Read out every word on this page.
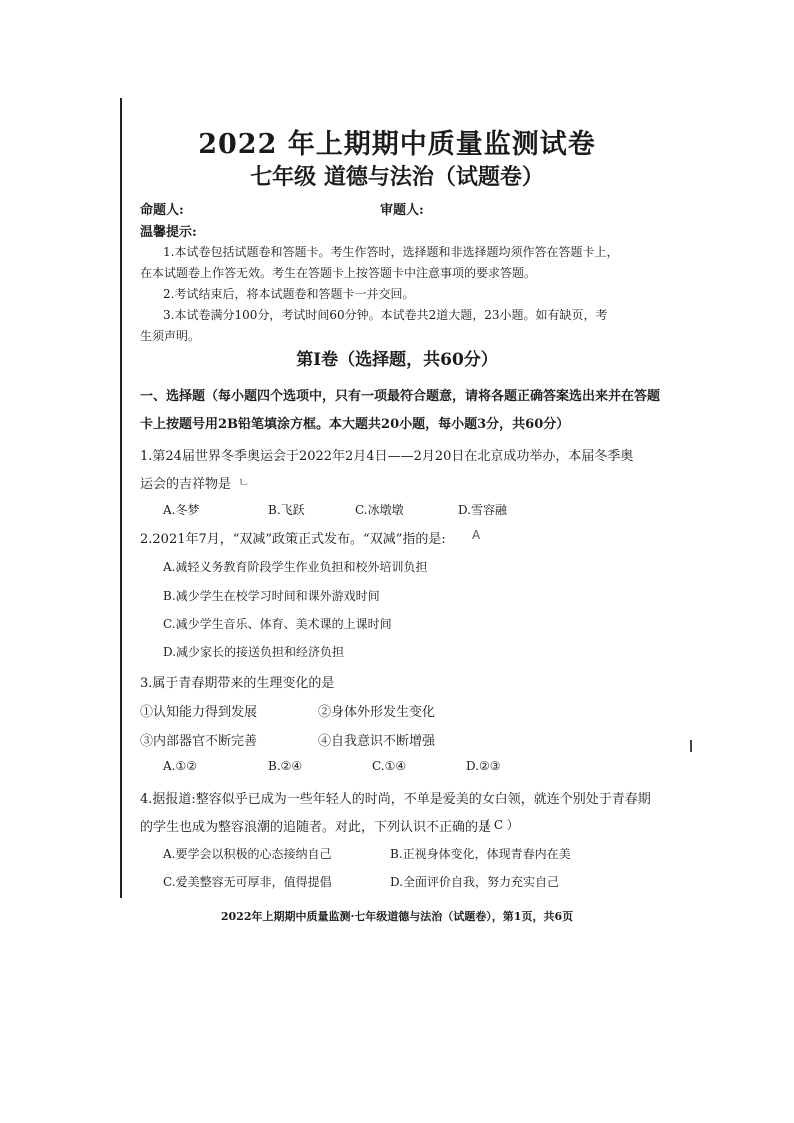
2022 年上期期中质量监测试卷
七年级 道德与法治（试题卷）
命题人:	审题人:
温馨提示:
1.本试卷包括试题卷和答题卡。考生作答时，选择题和非选择题均须作答在答题卡上，
在本试题卷上作答无效。考生在答题卡上按答题卡中注意事项的要求答题。
2.考试结束后，将本试题卷和答题卡一并交回。
3.本试卷满分100分，考试时间60分钟。本试卷共2道大题，23小题。如有缺页，考
生须声明。
第Ⅰ卷（选择题，共60分）
一、选择题（每小题四个选项中，只有一项最符合题意，请将各题正确答案选出来并在答题
卡上按题号用2B铅笔填涂方框。本大题共20小题，每小题3分，共60分）
1.第24届世界冬季奥运会于2022年2月4日——2月20日在北京成功举办，本届冬季奥
运会的吉祥物是 ㄴ
A.冬梦	B.飞跃	C.冰墩墩	D.雪容融
2.2021年7月，“双减”政策正式发布。“双减”指的是: A
A.减轻义务教育阶段学生作业负担和校外培训负担
B.减少学生在校学习时间和课外游戏时间
C.减少学生音乐、体育、美术课的上课时间
D.减少家长的接送负担和经济负担
3.属于青春期带来的生理变化的是
①认知能力得到发展	②身体外形发生变化
③内部器官不断完善	④自我意识不断增强
A.①②	B.②④	C.①④	D.②③
4.据报道:整容似乎已成为一些年轻人的时尚，不单是爱美的女白领，就连个别处于青春期
的学生也成为整容浪潮的追随者。对此，下列认识不正确的是
（ C ）
A.要学会以积极的心态接纳自己	B.正视身体变化，体现青春内在美
C.爱美整容无可厚非，值得提倡	D.全面评价自我，努力充实自己
2022年上期期中质量监测·七年级道德与法治（试题卷），第1页，共6页
